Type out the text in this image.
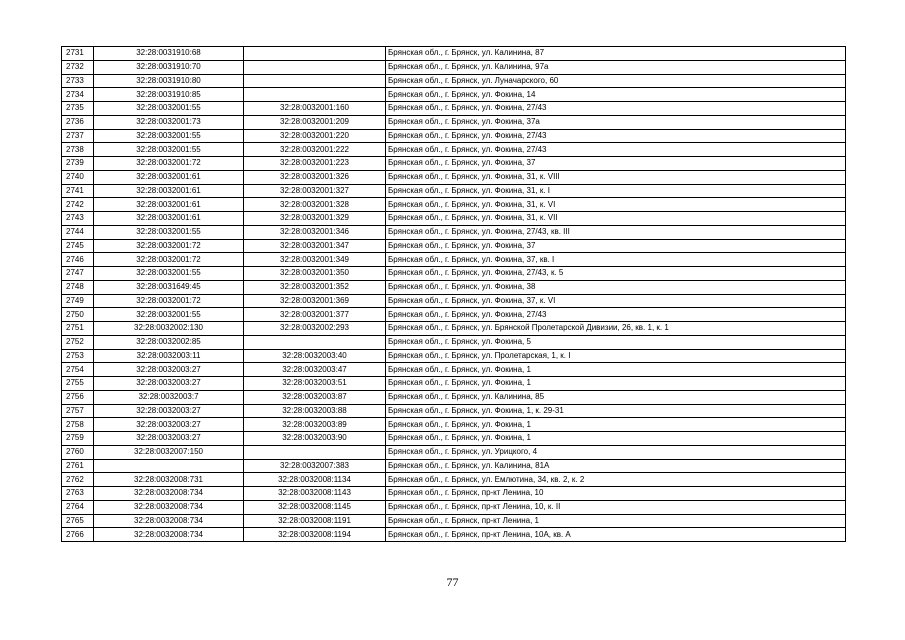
2731	32:28:0031910:68		Брянская обл., г. Брянск, ул. Калинина, 87
2732	32:28:0031910:70		Брянская обл., г. Брянск, ул. Калинина, 97а
2733	32:28:0031910:80		Брянская обл., г. Брянск, ул. Луначарского, 60
2734	32:28:0031910:85		Брянская обл., г. Брянск, ул. Фокина, 14
2735	32:28:0032001:55	32:28:0032001:160	Брянская обл., г. Брянск, ул. Фокина, 27/43
2736	32:28:0032001:73	32:28:0032001:209	Брянская обл., г. Брянск, ул. Фокина, 37а
2737	32:28:0032001:55	32:28:0032001:220	Брянская обл., г. Брянск, ул. Фокина, 27/43
2738	32:28:0032001:55	32:28:0032001:222	Брянская обл., г. Брянск, ул. Фокина, 27/43
2739	32:28:0032001:72	32:28:0032001:223	Брянская обл., г. Брянск, ул. Фокина, 37
2740	32:28:0032001:61	32:28:0032001:326	Брянская обл., г. Брянск, ул. Фокина, 31, к. VIII
2741	32:28:0032001:61	32:28:0032001:327	Брянская обл., г. Брянск, ул. Фокина, 31, к. I
2742	32:28:0032001:61	32:28:0032001:328	Брянская обл., г. Брянск, ул. Фокина, 31, к. VI
2743	32:28:0032001:61	32:28:0032001:329	Брянская обл., г. Брянск, ул. Фокина, 31, к. VII
2744	32:28:0032001:55	32:28:0032001:346	Брянская обл., г. Брянск, ул. Фокина, 27/43, кв. III
2745	32:28:0032001:72	32:28:0032001:347	Брянская обл., г. Брянск, ул. Фокина, 37
2746	32:28:0032001:72	32:28:0032001:349	Брянская обл., г. Брянск, ул. Фокина, 37, кв. I
2747	32:28:0032001:55	32:28:0032001:350	Брянская обл., г. Брянск, ул. Фокина, 27/43, к. 5
2748	32:28:0031649:45	32:28:0032001:352	Брянская обл., г. Брянск, ул. Фокина, 38
2749	32:28:0032001:72	32:28:0032001:369	Брянская обл., г. Брянск, ул. Фокина, 37, к. VI
2750	32:28:0032001:55	32:28:0032001:377	Брянская обл., г. Брянск, ул. Фокина, 27/43
2751	32:28:0032002:130	32:28:0032002:293	Брянская обл., г. Брянск, ул. Брянской Пролетарской Дивизии, 26, кв. 1, к. 1
2752	32:28:0032002:85		Брянская обл., г. Брянск, ул. Фокина, 5
2753	32:28:0032003:11	32:28:0032003:40	Брянская обл., г. Брянск, ул. Пролетарская, 1, к. I
2754	32:28:0032003:27	32:28:0032003:47	Брянская обл., г. Брянск, ул. Фокина, 1
2755	32:28:0032003:27	32:28:0032003:51	Брянская обл., г. Брянск, ул. Фокина, 1
2756	32:28:0032003:7	32:28:0032003:87	Брянская обл., г. Брянск, ул. Калинина, 85
2757	32:28:0032003:27	32:28:0032003:88	Брянская обл., г. Брянск, ул. Фокина, 1, к. 29-31
2758	32:28:0032003:27	32:28:0032003:89	Брянская обл., г. Брянск, ул. Фокина, 1
2759	32:28:0032003:27	32:28:0032003:90	Брянская обл., г. Брянск, ул. Фокина, 1
2760	32:28:0032007:150		Брянская обл., г. Брянск, ул. Урицкого, 4
2761		32:28:0032007:383	Брянская обл., г. Брянск, ул. Калинина, 81А
2762	32:28:0032008:731	32:28:0032008:1134	Брянская обл., г. Брянск, ул. Емлютина, 34, кв. 2, к. 2
2763	32:28:0032008:734	32:28:0032008:1143	Брянская обл., г. Брянск, пр-кт Ленина, 10
2764	32:28:0032008:734	32:28:0032008:1145	Брянская обл., г. Брянск, пр-кт Ленина, 10, к. II
2765	32:28:0032008:734	32:28:0032008:1191	Брянская обл., г. Брянск, пр-кт Ленина, 1
2766	32:28:0032008:734	32:28:0032008:1194	Брянская обл., г. Брянск, пр-кт Ленина, 10А, кв. А
77
